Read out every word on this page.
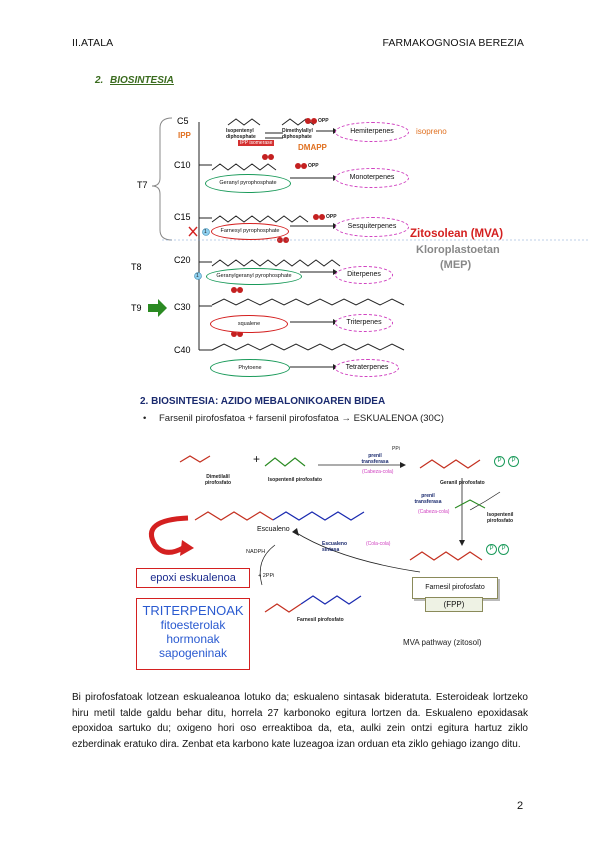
II.ATALA	FARMAKOGNOSIA BEREZIA
2. BIOSINTESIA
C5
C10
C15
C20
C30
C40
T7
T8
T9
IPP
DMAPP
isopreno
Isopentenyl diphosphate
Dimethylallyl diphosphate
IPP isomerase
Hemiterpenes
Monoterpenes
Sesquiterpenes
Diterpenes
Triterpenes
Tetraterpenes
Geranyl pyrophosphate
Farnesyl pyrophosphate
Geranylgeranyl pyrophosphate
squalene
Phytoene
OPP
OPP
OPP
1
1
Zitosolean (MVA)
Kloroplastoetan
(MEP)
2. BIOSINTESIA: AZIDO MEBALONIKOAREN BIDEA
• Farsenil pirofosfatoa + farsenil pirofosfatoa → ESKUALENOA (30C)
Dimetilalil pirofosfato	Isopentenil pirofosfato
+
PPi
prenil transferasa
(Cabeza-cola)
Geranil pirofosfato
prenil transferasa
(Cabeza-cola)	Isopentenil pirofosfato
Escualeno
Escualeno sintasa
(Cola-cola)
NADPH
+ 2PPi
Farnesil pirofosfato
Farnesil pirofosfato
(FPP)
P
P
P
P
epoxi eskualenoa
TRITERPENOAK
fitoesterolak
hormonak
sapogeninak
MVA pathway (zitosol)
Bi pirofosfatoak lotzean eskualeanoa lotuko da; eskualeno sintasak bideratuta. Esteroideak lortzeko hiru metil talde galdu behar ditu, horrela 27 karbonoko egitura lortzen da. Eskualeno epoxidasak epoxidoa sartuko du; oxigeno hori oso erreaktiboa da, eta, aulki zein ontzi egitura hartuz ziklo ezberdinak eratuko dira. Zenbat eta karbono kate luzeagoa izan orduan eta ziklo gehiago izango ditu.
2
